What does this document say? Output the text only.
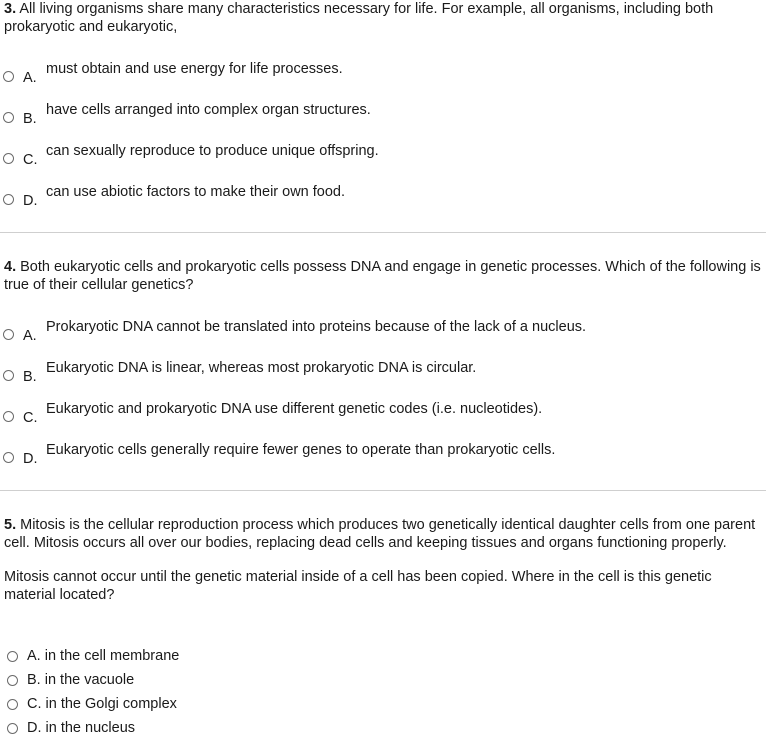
3. All living organisms share many characteristics necessary for life. For example, all organisms, including both prokaryotic and eukaryotic,

A.
must obtain and use energy for life processes.
B.
have cells arranged into complex organ structures.
C.
can sexually reproduce to produce unique offspring.
D.
can use abiotic factors to make their own food.

4. Both eukaryotic cells and prokaryotic cells possess DNA and engage in genetic processes. Which of the following is true of their cellular genetics?

A.
Prokaryotic DNA cannot be translated into proteins because of the lack of a nucleus.
B.
Eukaryotic DNA is linear, whereas most prokaryotic DNA is circular.
C.
Eukaryotic and prokaryotic DNA use different genetic codes (i.e. nucleotides).
D.
Eukaryotic cells generally require fewer genes to operate than prokaryotic cells.

5. Mitosis is the cellular reproduction process which produces two genetically identical daughter cells from one parent cell. Mitosis occurs all over our bodies, replacing dead cells and keeping tissues and organs functioning properly.

Mitosis cannot occur until the genetic material inside of a cell has been copied. Where in the cell is this genetic material located?

A. in the cell membrane
B. in the vacuole
C. in the Golgi complex
D. in the nucleus
